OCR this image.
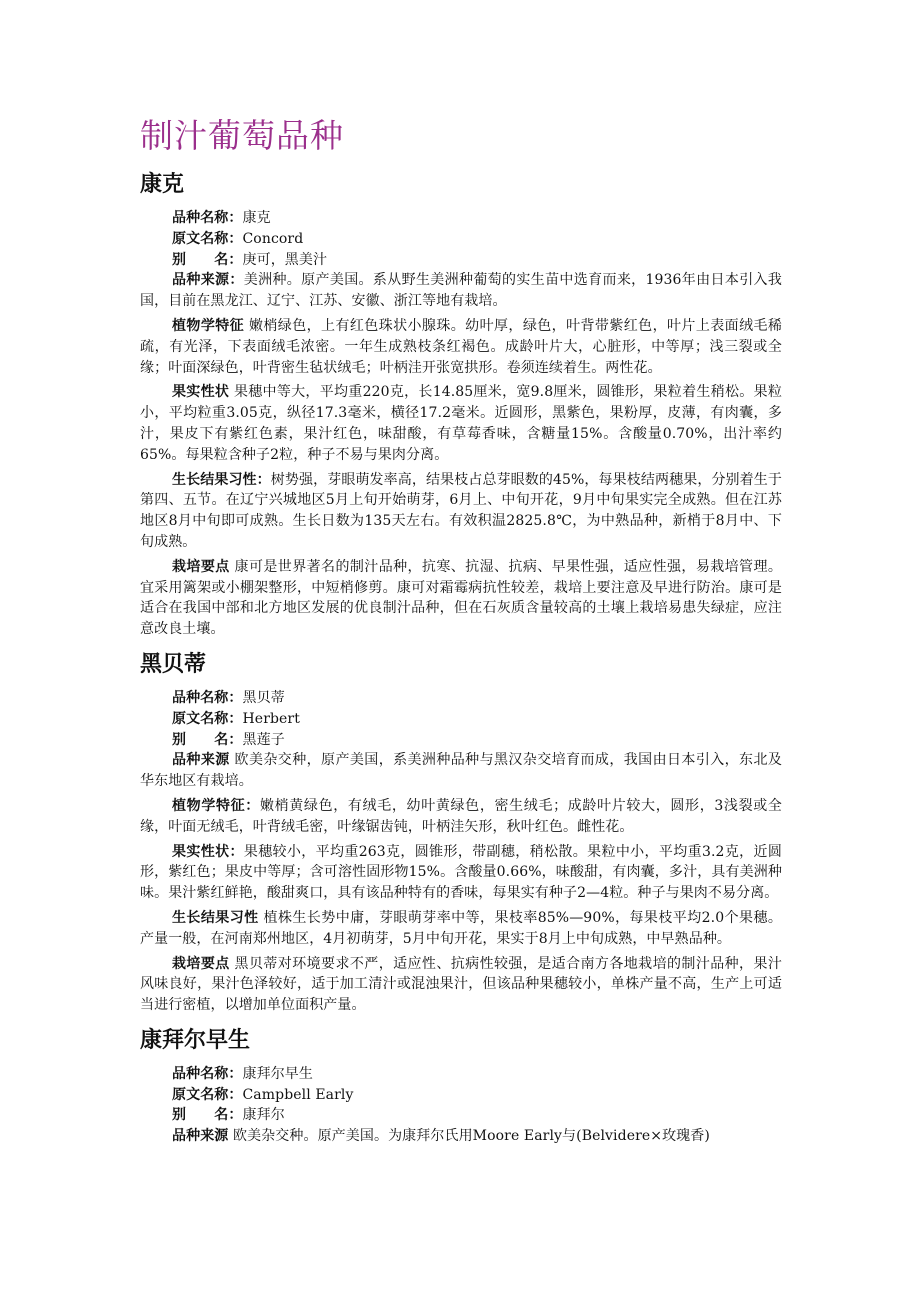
制汁葡萄品种
康克

品种名称：康克

原文名称：Concord

别　　名：庚可，黑美汁

品种来源：美洲种。原产美国。系从野生美洲种葡萄的实生苗中选育而来，1936年由日本引入我国，目前在黑龙江、辽宁、江苏、安徽、浙江等地有栽培。

植物学特征 嫩梢绿色，上有红色珠状小腺珠。幼叶厚，绿色，叶背带紫红色，叶片上表面绒毛稀疏，有光泽，下表面绒毛浓密。一年生成熟枝条红褐色。成龄叶片大，心脏形，中等厚；浅三裂或全缘；叶面深绿色，叶背密生毡状绒毛；叶柄洼开张宽拱形。卷须连续着生。两性花。

果实性状 果穗中等大，平均重220克，长14.85厘米，宽9.8厘米，圆锥形，果粒着生稍松。果粒小，平均粒重3.05克，纵径17.3毫米，横径17.2毫米。近圆形，黑紫色，果粉厚，皮薄，有肉囊，多汁，果皮下有紫红色素，果汁红色，味甜酸，有草莓香味，含糖量15%。含酸量0.70%，出汁率约65%。每果粒含种子2粒，种子不易与果肉分离。

生长结果习性：树势强，芽眼萌发率高，结果枝占总芽眼数的45%，每果枝结两穗果，分别着生于第四、五节。在辽宁兴城地区5月上旬开始萌芽，6月上、中旬开花，9月中旬果实完全成熟。但在江苏地区8月中旬即可成熟。生长日数为135天左右。有效积温2825.8℃，为中熟品种，新梢于8月中、下旬成熟。

栽培要点 康可是世界著名的制汁品种，抗寒、抗湿、抗病、早果性强，适应性强，易栽培管理。宜采用篱架或小棚架整形，中短梢修剪。康可对霜霉病抗性较差，栽培上要注意及早进行防治。康可是适合在我国中部和北方地区发展的优良制汁品种，但在石灰质含量较高的土壤上栽培易患失绿症，应注意改良土壤。

黑贝蒂

品种名称：黑贝蒂

原文名称：Herbert

别　　名：黑莲子

品种来源 欧美杂交种，原产美国，系美洲种品种与黑汉杂交培育而成，我国由日本引入，东北及华东地区有栽培。

植物学特征：嫩梢黄绿色，有绒毛，幼叶黄绿色，密生绒毛；成龄叶片较大，圆形，3浅裂或全缘，叶面无绒毛，叶背绒毛密，叶缘锯齿钝，叶柄洼矢形，秋叶红色。雌性花。

果实性状：果穗较小，平均重263克，圆锥形，带副穗，稍松散。果粒中小，平均重3.2克，近圆形，紫红色；果皮中等厚；含可溶性固形物15%。含酸量0.66%，味酸甜，有肉囊，多汁，具有美洲种味。果汁紫红鲜艳，酸甜爽口，具有该品种特有的香味，每果实有种子2—4粒。种子与果肉不易分离。

生长结果习性 植株生长势中庸，芽眼萌芽率中等，果枝率85%—90%，每果枝平均2.0个果穗。产量一般，在河南郑州地区，4月初萌芽，5月中旬开花，果实于8月上中旬成熟，中早熟品种。

栽培要点 黑贝蒂对环境要求不严，适应性、抗病性较强，是适合南方各地栽培的制汁品种，果汁风味良好，果汁色泽较好，适于加工清汁或混浊果汁，但该品种果穗较小，单株产量不高，生产上可适当进行密植，以增加单位面积产量。

康拜尔早生

品种名称：康拜尔早生

原文名称：Campbell Early

别　　名：康拜尔

品种来源 欧美杂交种。原产美国。为康拜尔氏用Moore Early与(Belvidere×玫瑰香)
